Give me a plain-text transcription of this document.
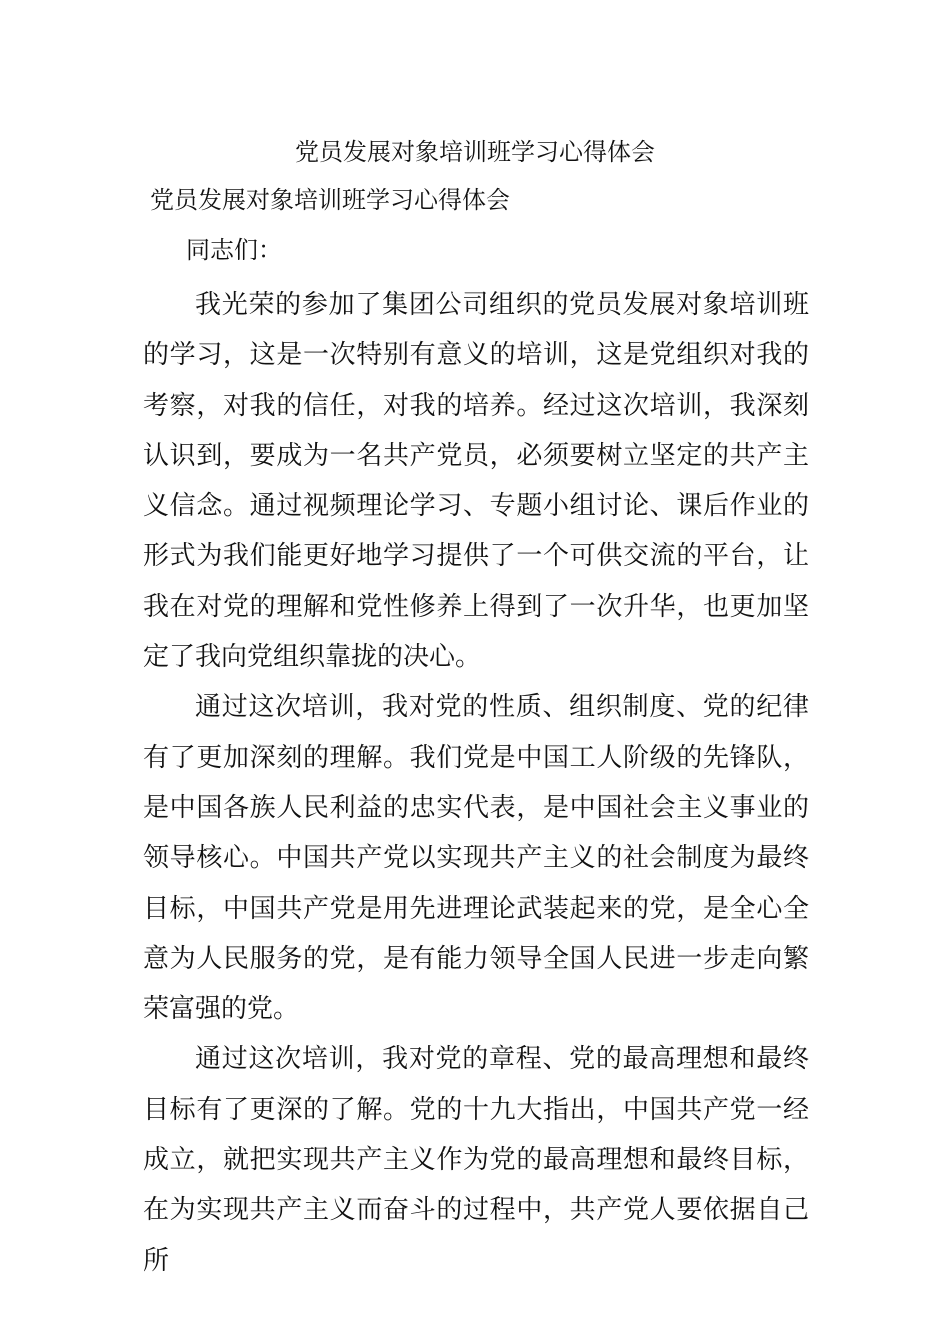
党员发展对象培训班学习心得体会
党员发展对象培训班学习心得体会

同志们：

我光荣的参加了集团公司组织的党员发展对象培训班的学习，这是一次特别有意义的培训，这是党组织对我的考察，对我的信任，对我的培养。经过这次培训，我深刻认识到，要成为一名共产党员，必须要树立坚定的共产主义信念。通过视频理论学习、专题小组讨论、课后作业的形式为我们能更好地学习提供了一个可供交流的平台，让我在对党的理解和党性修养上得到了一次升华，也更加坚定了我向党组织靠拢的决心。

通过这次培训，我对党的性质、组织制度、党的纪律有了更加深刻的理解。我们党是中国工人阶级的先锋队，是中国各族人民利益的忠实代表，是中国社会主义事业的领导核心。中国共产党以实现共产主义的社会制度为最终目标，中国共产党是用先进理论武装起来的党，是全心全意为人民服务的党，是有能力领导全国人民进一步走向繁荣富强的党。

通过这次培训，我对党的章程、党的最高理想和最终目标有了更深的了解。党的十九大指出，中国共产党一经成立，就把实现共产主义作为党的最高理想和最终目标，在为实现共产主义而奋斗的过程中，共产党人要依据自己所
